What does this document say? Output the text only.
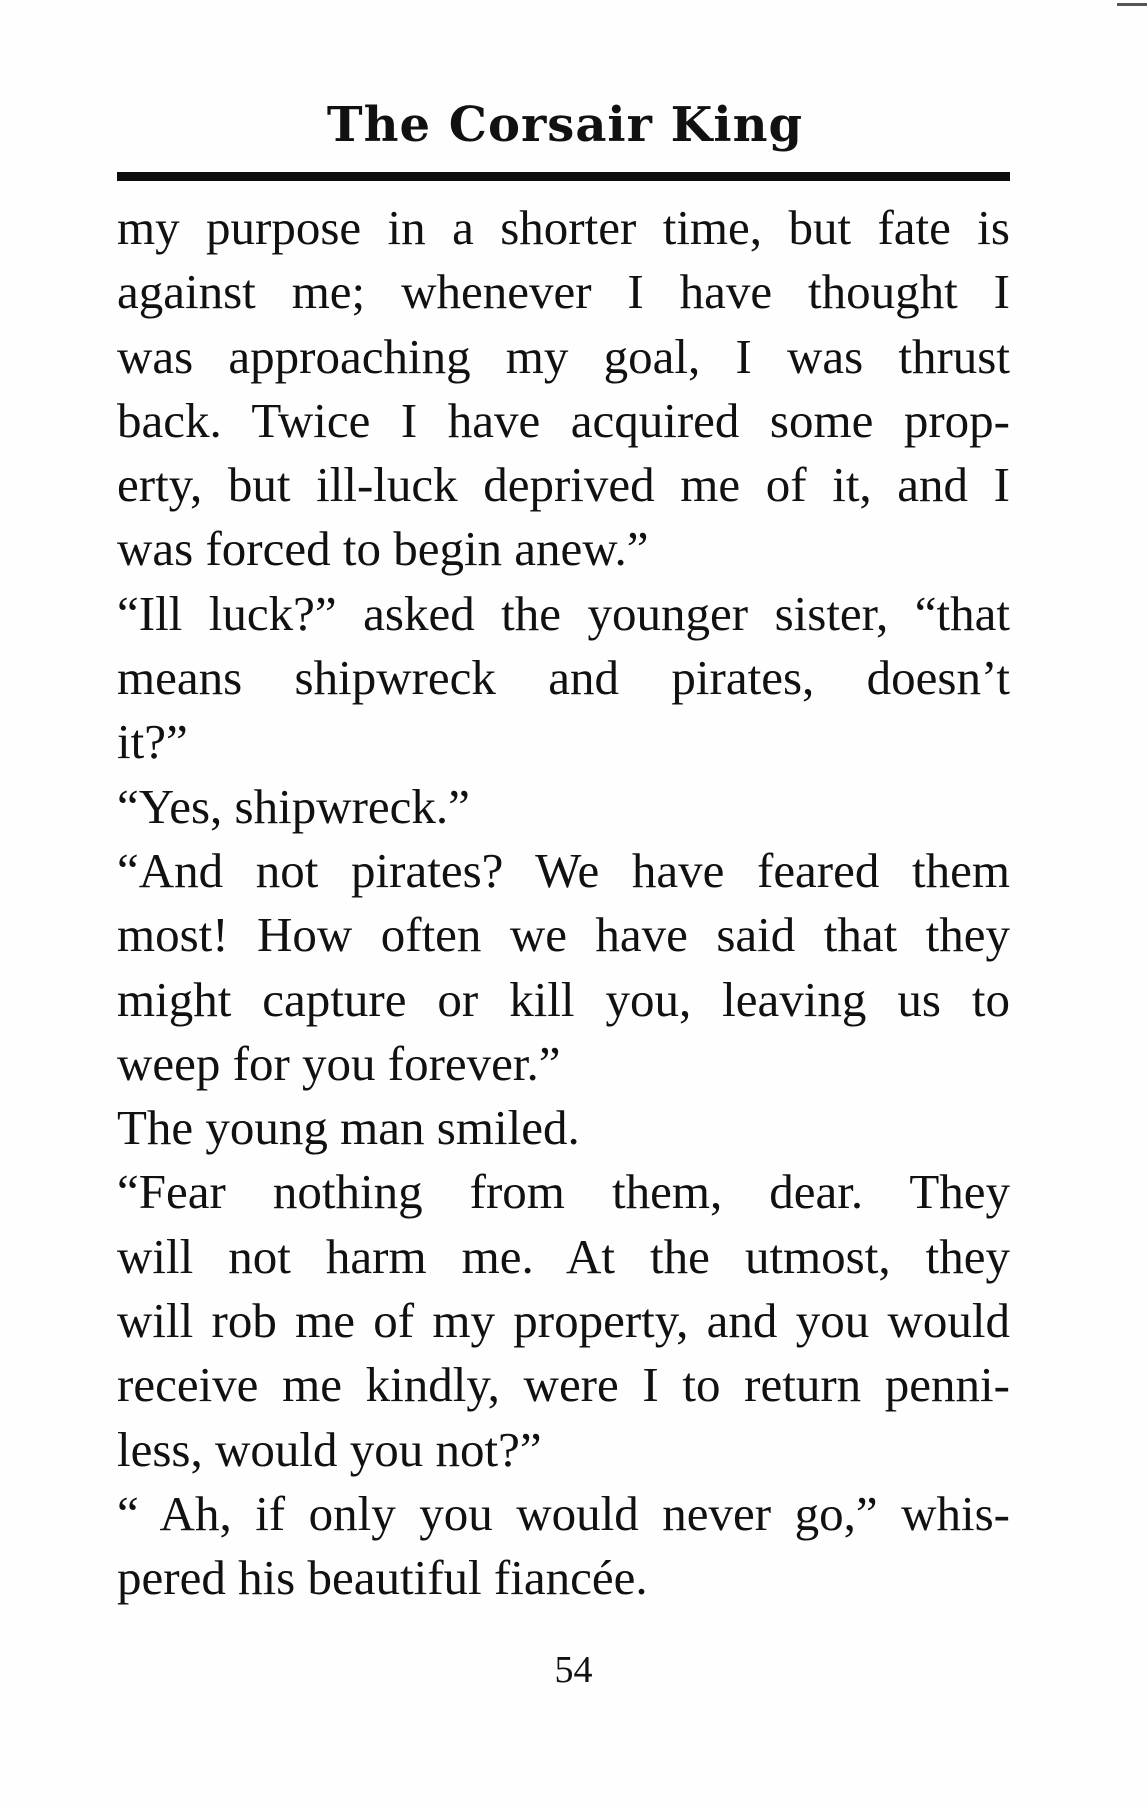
The Corsair King
my purpose in a shorter time, but fate is
against me; whenever I have thought I
was approaching my goal, I was thrust
back. Twice I have acquired some prop-
erty, but ill-luck deprived me of it, and I
was forced to begin anew.”
“Ill luck?” asked the younger sister, “that
means shipwreck and pirates, doesn’t
it?”
“Yes, shipwreck.”
“And not pirates? We have feared them
most! How often we have said that they
might capture or kill you, leaving us to
weep for you forever.”
The young man smiled.
“Fear nothing from them, dear. They
will not harm me. At the utmost, they
will rob me of my property, and you would
receive me kindly, were I to return penni-
less, would you not?”
“ Ah, if only you would never go,” whis-
pered his beautiful fiancée.
54
